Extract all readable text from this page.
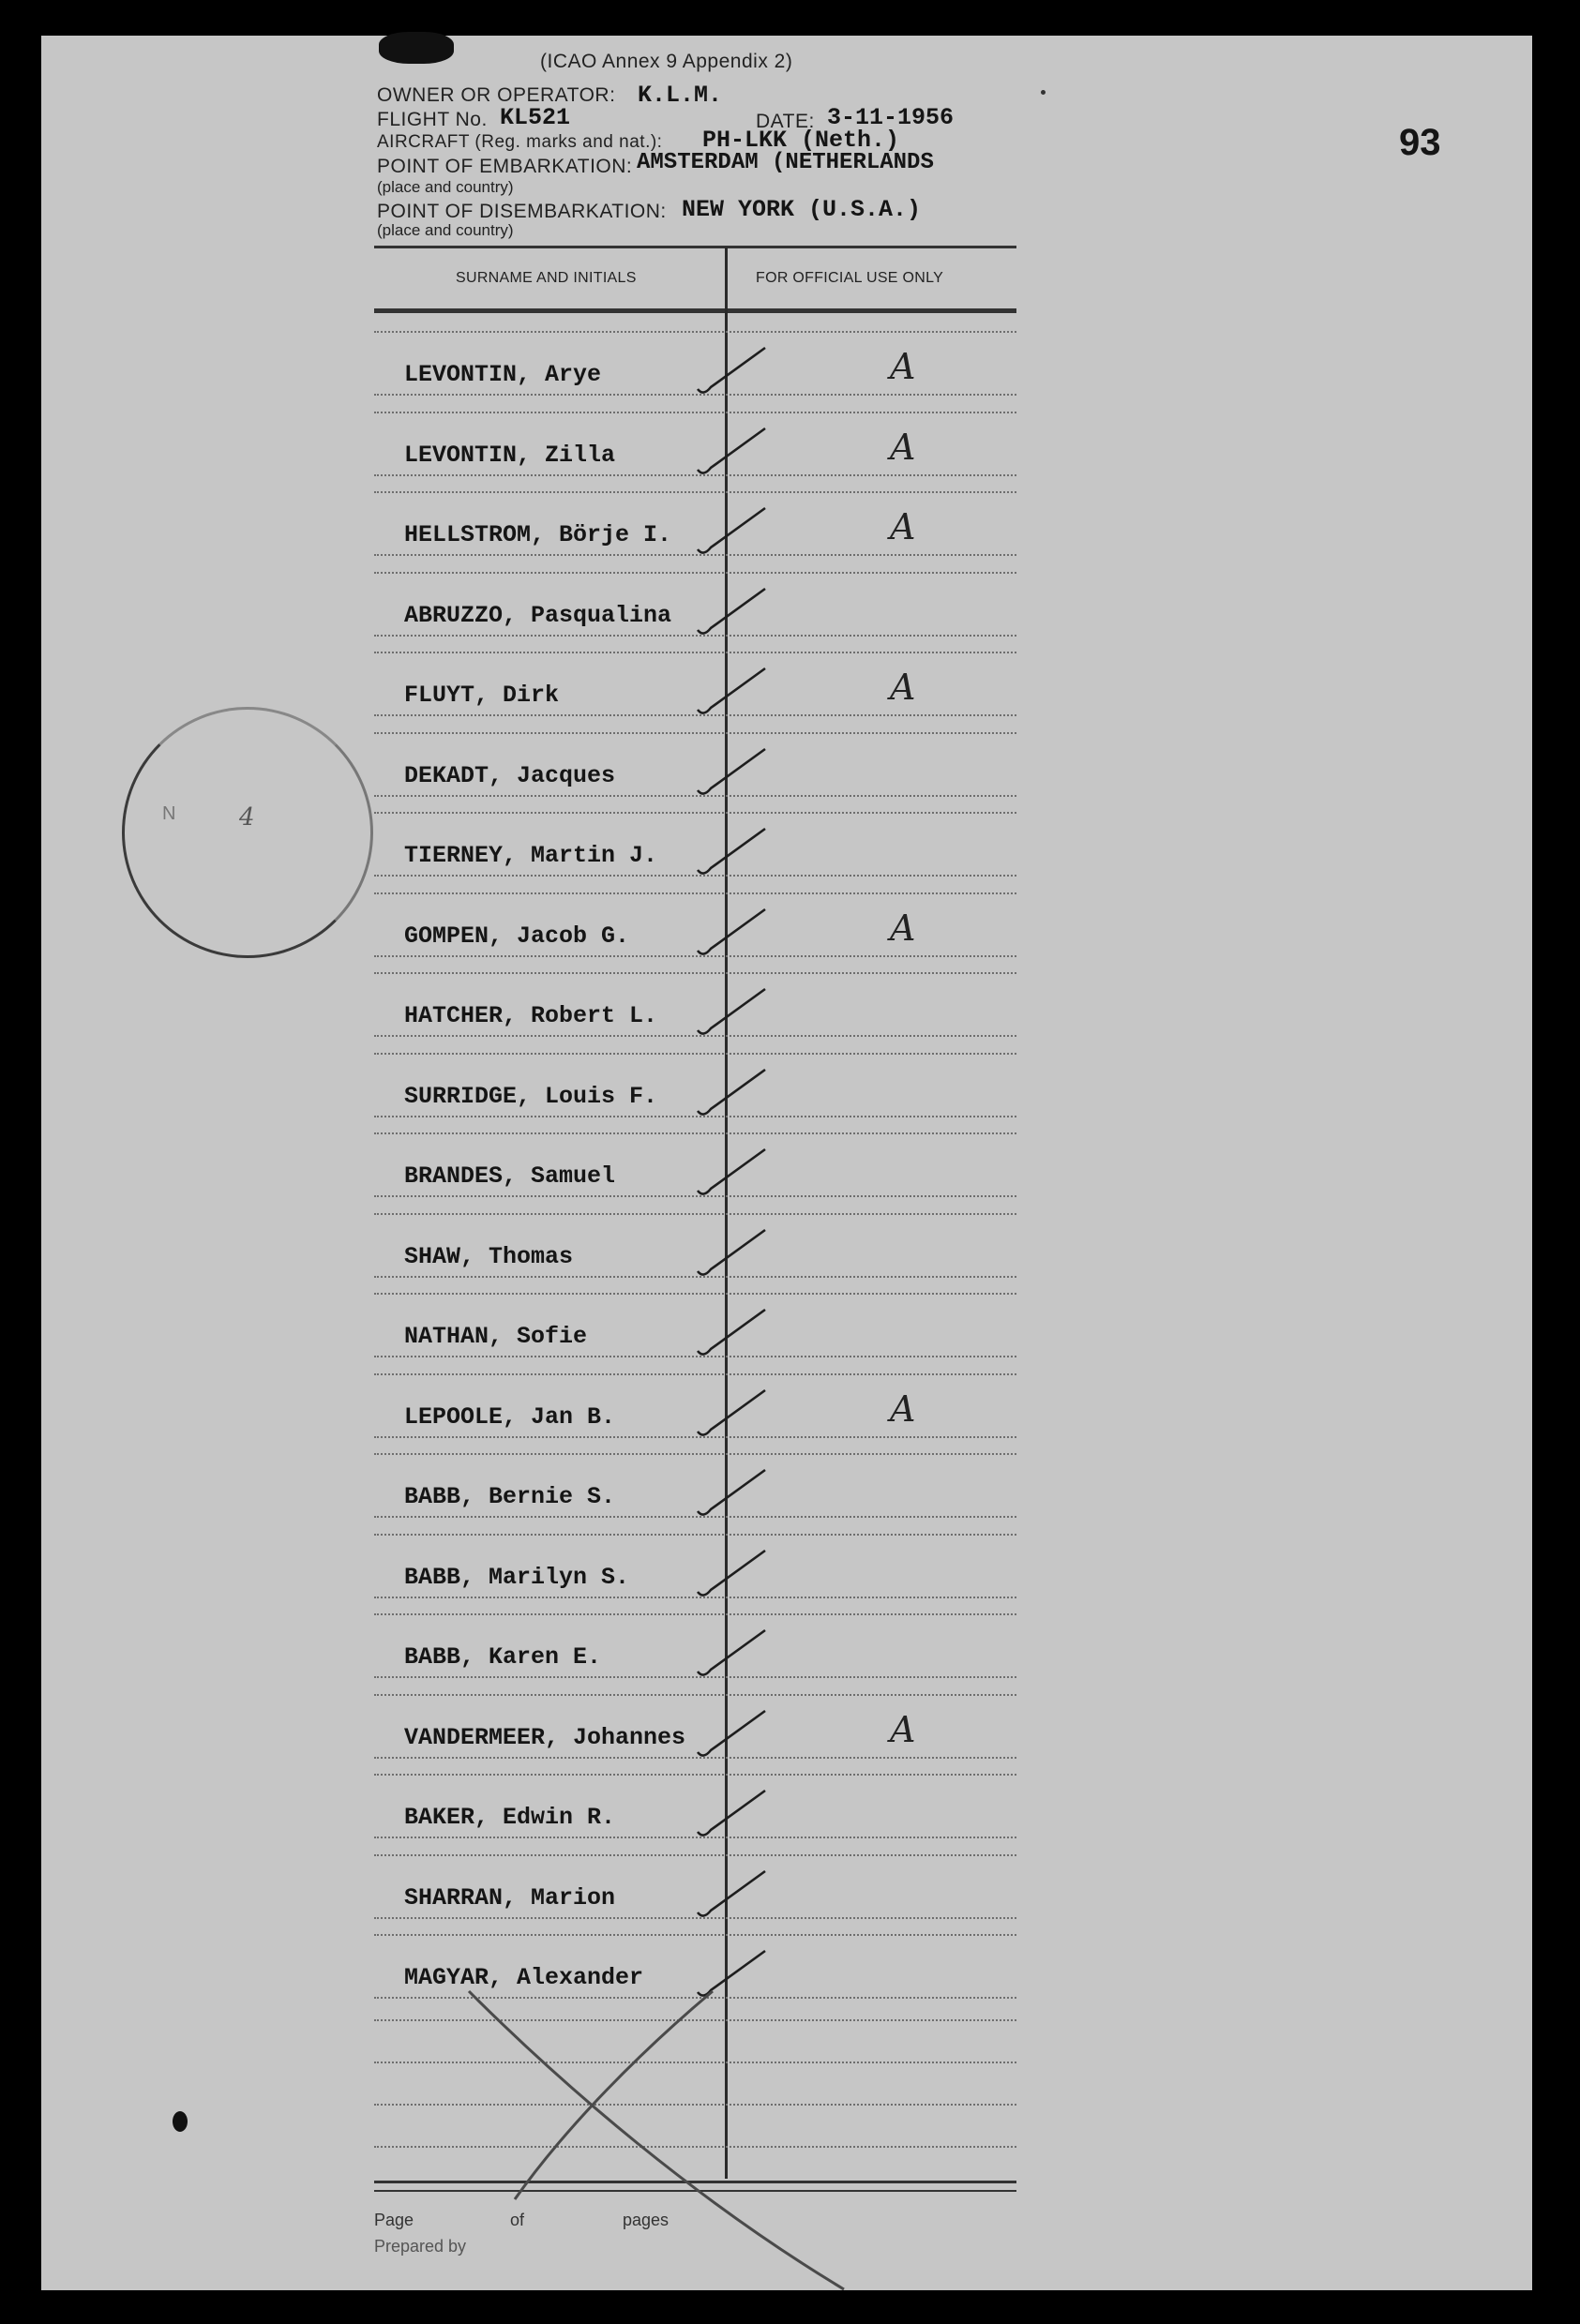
(ICAO Annex 9 Appendix 2)
OWNER OR OPERATOR: K.L.M.
FLIGHT No. KL521	DATE: 3-11-1956
AIRCRAFT (Reg. marks and nat.): PH-LKK (Neth.)
POINT OF EMBARKATION: AMSTERDAM (NETHERLANDS
(place and country)
POINT OF DISEMBARKATION: NEW YORK (U.S.A.)
(place and country)
93
SURNAME AND INITIALS	FOR OFFICIAL USE ONLY
LEVONTIN, Arye	A
LEVONTIN, Zilla	A
HELLSTROM, Börje I.	A
ABRUZZO, Pasqualina
FLUYT, Dirk	A
DEKADT, Jacques
TIERNEY, Martin J.
GOMPEN, Jacob G.	A
HATCHER, Robert L.
SURRIDGE, Louis F.
BRANDES, Samuel
SHAW, Thomas
NATHAN, Sofie
LEPOOLE, Jan B.	A
BABB, Bernie S.
BABB, Marilyn S.
BABB, Karen E.
VANDERMEER, Johannes	A
BAKER, Edwin R.
SHARRAN, Marion
MAGYAR, Alexander
N	4
Page	of	pages
Prepared by
